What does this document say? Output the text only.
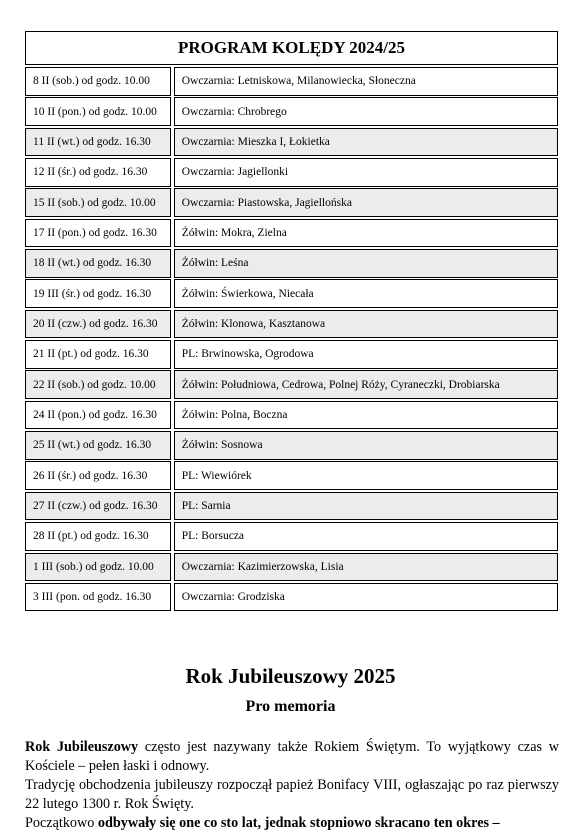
PROGRAM KOLĘDY 2024/25
8 II (sob.) od godz. 10.00	Owczarnia: Letniskowa, Milanowiecka, Słoneczna
10 II (pon.) od godz. 10.00	Owczarnia: Chrobrego
11 II (wt.) od godz. 16.30	Owczarnia: Mieszka I, Łokietka
12 II (śr.) od godz. 16.30	Owczarnia: Jagiellonki
15 II (sob.) od godz. 10.00	Owczarnia: Piastowska, Jagiellońska
17 II (pon.) od godz. 16.30	Żółwin: Mokra, Zielna
18 II (wt.) od godz. 16.30	Żółwin: Leśna
19 III (śr.) od godz. 16.30	Żółwin: Świerkowa, Niecała
20 II (czw.) od godz. 16.30	Żółwin: Klonowa, Kasztanowa
21 II (pt.) od godz. 16.30	PL: Brwinowska, Ogrodowa
22 II (sob.) od godz. 10.00	Żółwin: Południowa, Cedrowa, Polnej Róży, Cyraneczki, Drobiarska
24 II (pon.) od godz. 16.30	Żółwin: Polna, Boczna
25 II (wt.) od godz. 16.30	Żółwin: Sosnowa
26 II (śr.) od godz. 16.30	PL: Wiewiórek
27 II (czw.) od godz. 16.30	PL: Sarnia
28 II (pt.) od godz. 16.30	PL: Borsucza
1 III (sob.) od godz. 10.00	Owczarnia: Kazimierzowska, Lisia
3 III (pon. od godz. 16.30	Owczarnia: Grodziska
Rok Jubileuszowy 2025
Pro memoria

Rok Jubileuszowy często jest nazywany także Rokiem Świętym. To wyjątkowy czas w Kościele – pełen łaski i odnowy.

Tradycję obchodzenia jubileuszy rozpoczął papież Bonifacy VIII, ogłaszając po raz pierwszy 22 lutego 1300 r. Rok Święty.

Początkowo odbywały się one co sto lat, jednak stopniowo skracano ten okres –
